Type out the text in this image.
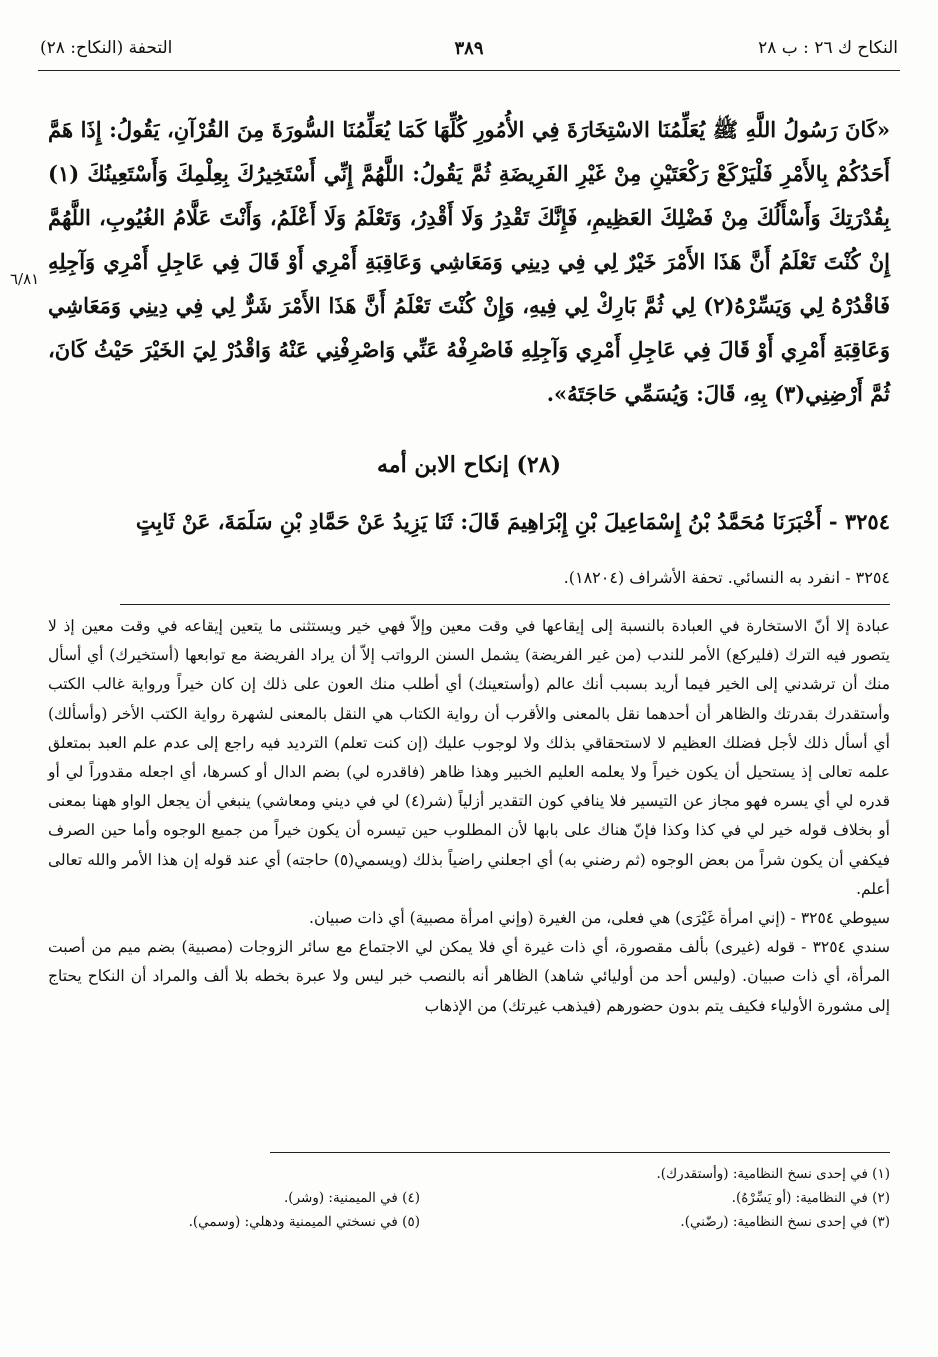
النكاح ك ٢٦ : ب ٢٨
٣٨٩
التحفة (النكاح: ٢٨)
٦/٨١
«كَانَ رَسُولُ اللَّهِ ﷺ يُعَلِّمُنَا الاسْتِخَارَةَ فِي الأُمُورِ كُلِّهَا كَمَا يُعَلِّمُنَا السُّورَةَ مِنَ القُرْآنِ، يَقُولُ: إِذَا هَمَّ أَحَدُكُمْ بِالأَمْرِ فَلْيَرْكَعْ رَكْعَتَيْنِ مِنْ غَيْرِ الفَرِيضَةِ ثُمَّ يَقُولُ: اللَّهُمَّ إِنِّي أَسْتَخِيرُكَ بِعِلْمِكَ وَأَسْتَعِينُكَ (١) بِقُدْرَتِكَ وَأَسْأَلُكَ مِنْ فَضْلِكَ العَظِيمِ، فَإِنَّكَ تَقْدِرُ وَلَا أَقْدِرُ، وَتَعْلَمُ وَلَا أَعْلَمُ، وَأَنْتَ عَلَّامُ الغُيُوبِ، اللَّهُمَّ إِنْ كُنْتَ تَعْلَمُ أَنَّ هَذَا الأَمْرَ خَيْرٌ لِي فِي دِينِي وَمَعَاشِي وَعَاقِبَةِ أَمْرِي أَوْ قَالَ فِي عَاجِلِ أَمْرِي وَآجِلِهِ فَاقْدُرْهُ لِي وَيَسِّرْهُ(٢) لِي ثُمَّ بَارِكْ لِي فِيهِ، وَإِنْ كُنْتَ تَعْلَمُ أَنَّ هَذَا الأَمْرَ شَرٌّ لِي فِي دِينِي وَمَعَاشِي وَعَاقِبَةِ أَمْرِي أَوْ قَالَ فِي عَاجِلِ أَمْرِي وَآجِلِهِ فَاصْرِفْهُ عَنِّي وَاصْرِفْنِي عَنْهُ وَاقْدُرْ لِيَ الخَيْرَ حَيْثُ كَانَ، ثُمَّ أَرْضِنِي(٣) بِهِ، قَالَ: وَيُسَمِّي حَاجَتَهُ».
(٢٨) إنكاح الابن أمه
٣٢٥٤ - أَخْبَرَنَا مُحَمَّدُ بْنُ إِسْمَاعِيلَ بْنِ إِبْرَاهِيمَ قَالَ: ثَنَا يَزِيدُ عَنْ حَمَّادِ بْنِ سَلَمَةَ، عَنْ ثَابِتٍ
٣٢٥٤ - انفرد به النسائي. تحفة الأشراف (١٨٢٠٤).

عبادة إلا أنّ الاستخارة في العبادة بالنسبة إلى إيقاعها في وقت معين وإلاّ فهي خير ويستثنى ما يتعين إيقاعه في وقت معين إذ لا يتصور فيه الترك (فليركع) الأمر للندب (من غير الفريضة) يشمل السنن الرواتب إلاّ أن يراد الفريضة مع توابعها (أستخيرك) أي أسأل منك أن ترشدني إلى الخير فيما أريد بسبب أنك عالم (وأستعينك) أي أطلب منك العون على ذلك إن كان خيراً ورواية غالب الكتب وأستقدرك بقدرتك والظاهر أن أحدهما نقل بالمعنى والأقرب أن رواية الكتاب هي النقل بالمعنى لشهرة رواية الكتب الأخر (وأسألك) أي أسأل ذلك لأجل فضلك العظيم لا لاستحقاقي بذلك ولا لوجوب عليك (إن كنت تعلم) الترديد فيه راجع إلى عدم علم العبد بمتعلق علمه تعالى إذ يستحيل أن يكون خيراً ولا يعلمه العليم الخبير وهذا ظاهر (فاقدره لي) بضم الدال أو كسرها، أي اجعله مقدوراً لي أو قدره لي أي يسره فهو مجاز عن التيسير فلا ينافي كون التقدير أزلياً (شر(٤) لي في ديني ومعاشي) ينبغي أن يجعل الواو ههنا بمعنى أو بخلاف قوله خير لي في كذا وكذا فإنّ هناك على بابها لأن المطلوب حين تيسره أن يكون خيراً من جميع الوجوه وأما حين الصرف فيكفي أن يكون شراً من بعض الوجوه (ثم رضني به) أي اجعلني راضياً بذلك (ويسمي(٥) حاجته) أي عند قوله إن هذا الأمر والله تعالى أعلم.

سيوطي ٣٢٥٤ - (إني امرأة غَيْرَى) هي فعلى، من الغيرة (وإني امرأة مصبية) أي ذات صبيان.

سندي ٣٢٥٤ - قوله (غيرى) بألف مقصورة، أي ذات غيرة أي فلا يمكن لي الاجتماع مع سائر الزوجات (مصبية) بضم ميم من أصبت المرأة، أي ذات صبيان. (وليس أحد من أوليائي شاهد) الظاهر أنه بالنصب خبر ليس ولا عبرة بخطه بلا ألف والمراد أن النكاح يحتاج إلى مشورة الأولياء فكيف يتم بدون حضورهم (فيذهب غيرتك) من الإذهاب

(١) في إحدى نسخ النظامية: (وأستقدرك).
(٢) في النظامية: (أو يَسِّرْهُ).
(٣) في إحدى نسخ النظامية: (رضّني).
(٤) في الميمنية: (وشر).
(٥) في نسختي الميمنية ودهلي: (وسمي).
